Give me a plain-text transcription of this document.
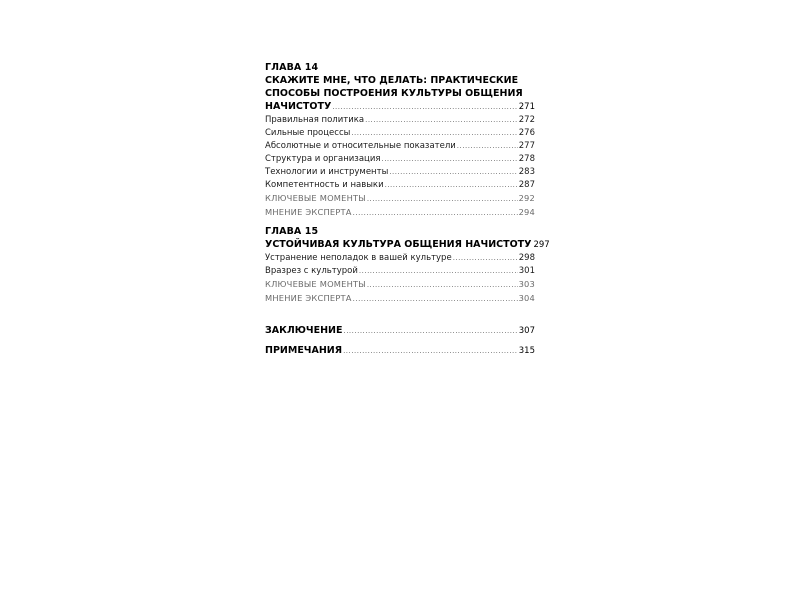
ГЛАВА 14
СКАЖИТЕ МНЕ, ЧТО ДЕЛАТЬ: ПРАКТИЧЕСКИЕ
СПОСОБЫ ПОСТРОЕНИЯ КУЛЬТУРЫ ОБЩЕНИЯ
НАЧИСТОТУ .....	271
Правильная политика .....	272
Сильные процессы .....	276
Абсолютные и относительные показатели .....	277
Структура и организация .....	278
Технологии и инструменты .....	283
Компетентность и навыки .....	287
КЛЮЧЕВЫЕ МОМЕНТЫ .....	292
МНЕНИЕ ЭКСПЕРТА .....	294
ГЛАВА 15
УСТОЙЧИВАЯ КУЛЬТУРА ОБЩЕНИЯ НАЧИСТОТУ 297
Устранение неполадок в вашей культуре .....	298
Вразрез с культурой .....	301
КЛЮЧЕВЫЕ МОМЕНТЫ .....	303
МНЕНИЕ ЭКСПЕРТА .....	304
ЗАКЛЮЧЕНИЕ .....	307
ПРИМЕЧАНИЯ .....	315
